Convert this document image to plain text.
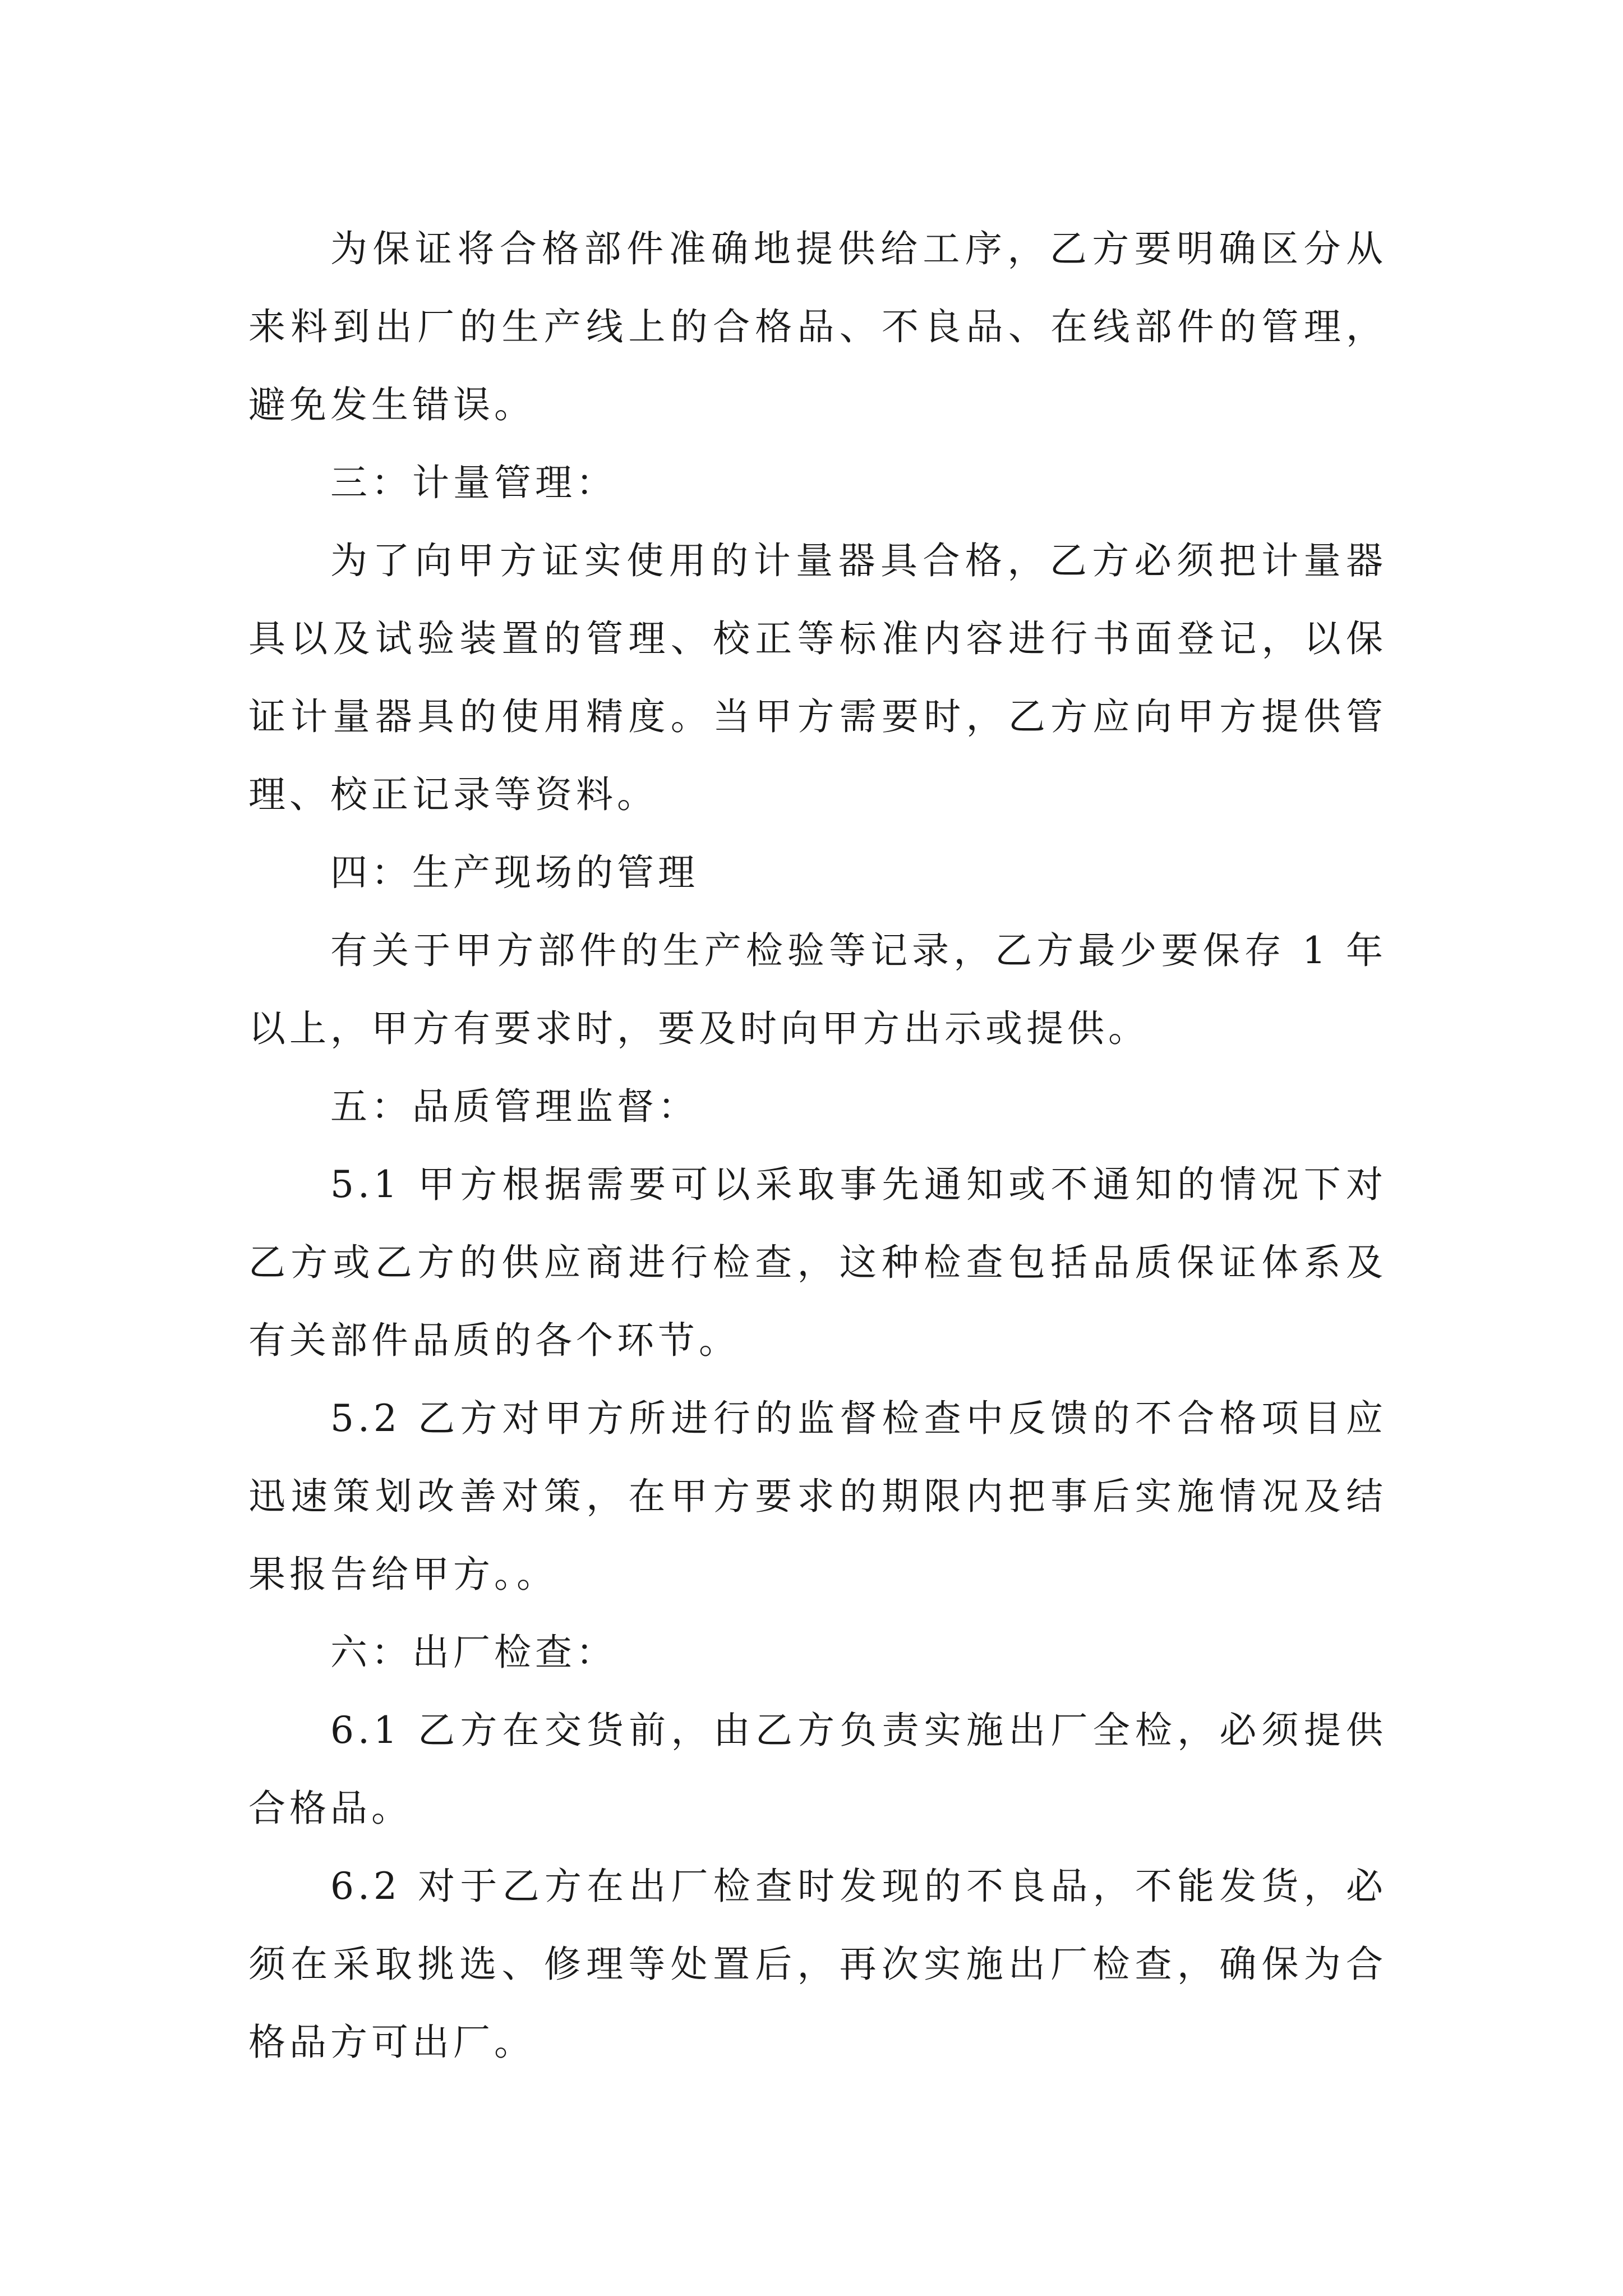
为保证将合格部件准确地提供给工序，乙方要明确区分从来料到出厂的生产线上的合格品、不良品、在线部件的管理，避免发生错误。

三：计量管理：

为了向甲方证实使用的计量器具合格，乙方必须把计量器具以及试验装置的管理、校正等标准内容进行书面登记，以保证计量器具的使用精度。当甲方需要时，乙方应向甲方提供管理、校正记录等资料。

四：生产现场的管理

有关于甲方部件的生产检验等记录，乙方最少要保存 1 年以上，甲方有要求时，要及时向甲方出示或提供。

五：品质管理监督：

5.1 甲方根据需要可以采取事先通知或不通知的情况下对乙方或乙方的供应商进行检查，这种检查包括品质保证体系及有关部件品质的各个环节。

5.2 乙方对甲方所进行的监督检查中反馈的不合格项目应迅速策划改善对策，在甲方要求的期限内把事后实施情况及结果报告给甲方。。

六：出厂检查：

6.1 乙方在交货前，由乙方负责实施出厂全检，必须提供合格品。

6.2 对于乙方在出厂检查时发现的不良品，不能发货，必须在采取挑选、修理等处置后，再次实施出厂检查，确保为合格品方可出厂。
